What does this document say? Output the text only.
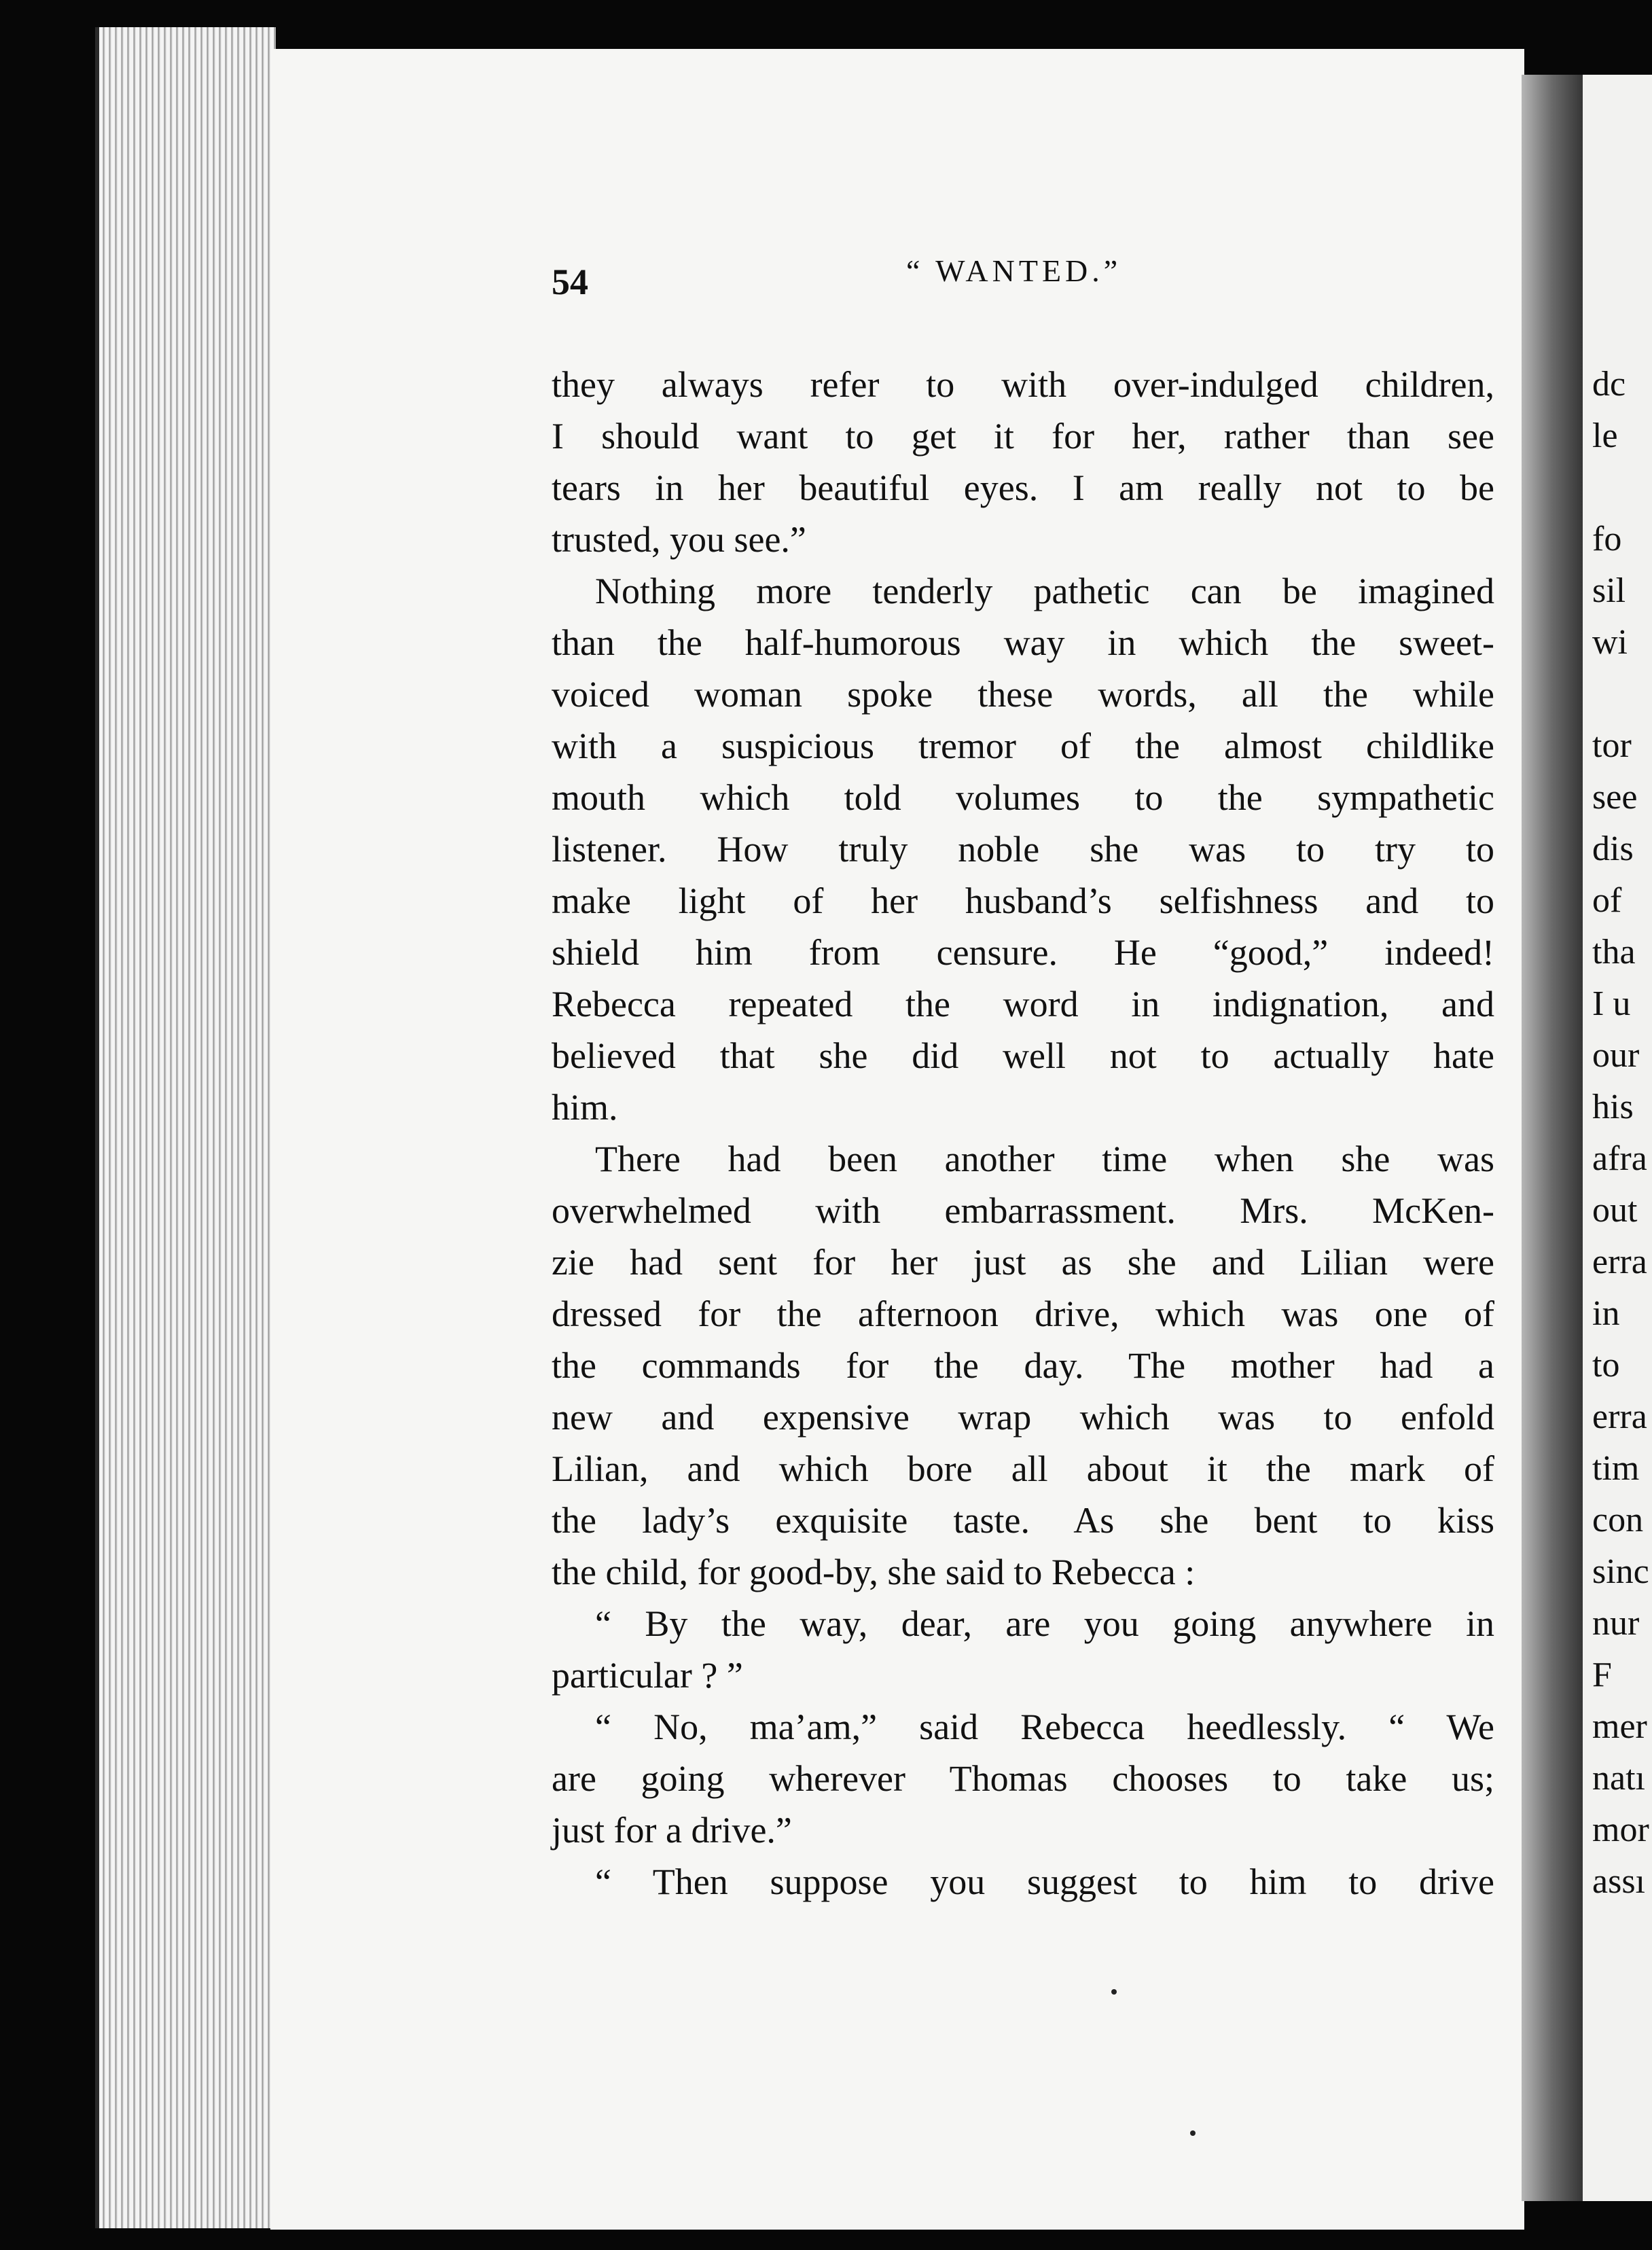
dc
le
fo
sil
wi
tor
see
dis
of
tha
I u
our
his
afra
out
erra
in
to
erra
tim
con
sinc
nur
F
mer
natı
mor
assı
54	“ WANTED.”
they always refer to with over-indulged children,
I should want to get it for her, rather than see
tears in her beautiful eyes. I am really not to be
trusted, you see.”
Nothing more tenderly pathetic can be imagined
than the half-humorous way in which the sweet-
voiced woman spoke these words, all the while
with a suspicious tremor of the almost childlike
mouth which told volumes to the sympathetic
listener. How truly noble she was to try to
make light of her husband’s selfishness and to
shield him from censure. He “good,” indeed!
Rebecca repeated the word in indignation, and
believed that she did well not to actually hate
him.
There had been another time when she was
overwhelmed with embarrassment. Mrs. McKen-
zie had sent for her just as she and Lilian were
dressed for the afternoon drive, which was one of
the commands for the day. The mother had a
new and expensive wrap which was to enfold
Lilian, and which bore all about it the mark of
the lady’s exquisite taste. As she bent to kiss
the child, for good-by, she said to Rebecca :
“ By the way, dear, are you going anywhere in
particular ? ”
“ No, ma’am,” said Rebecca heedlessly. “ We
are going wherever Thomas chooses to take us;
just for a drive.”
“ Then suppose you suggest to him to drive
